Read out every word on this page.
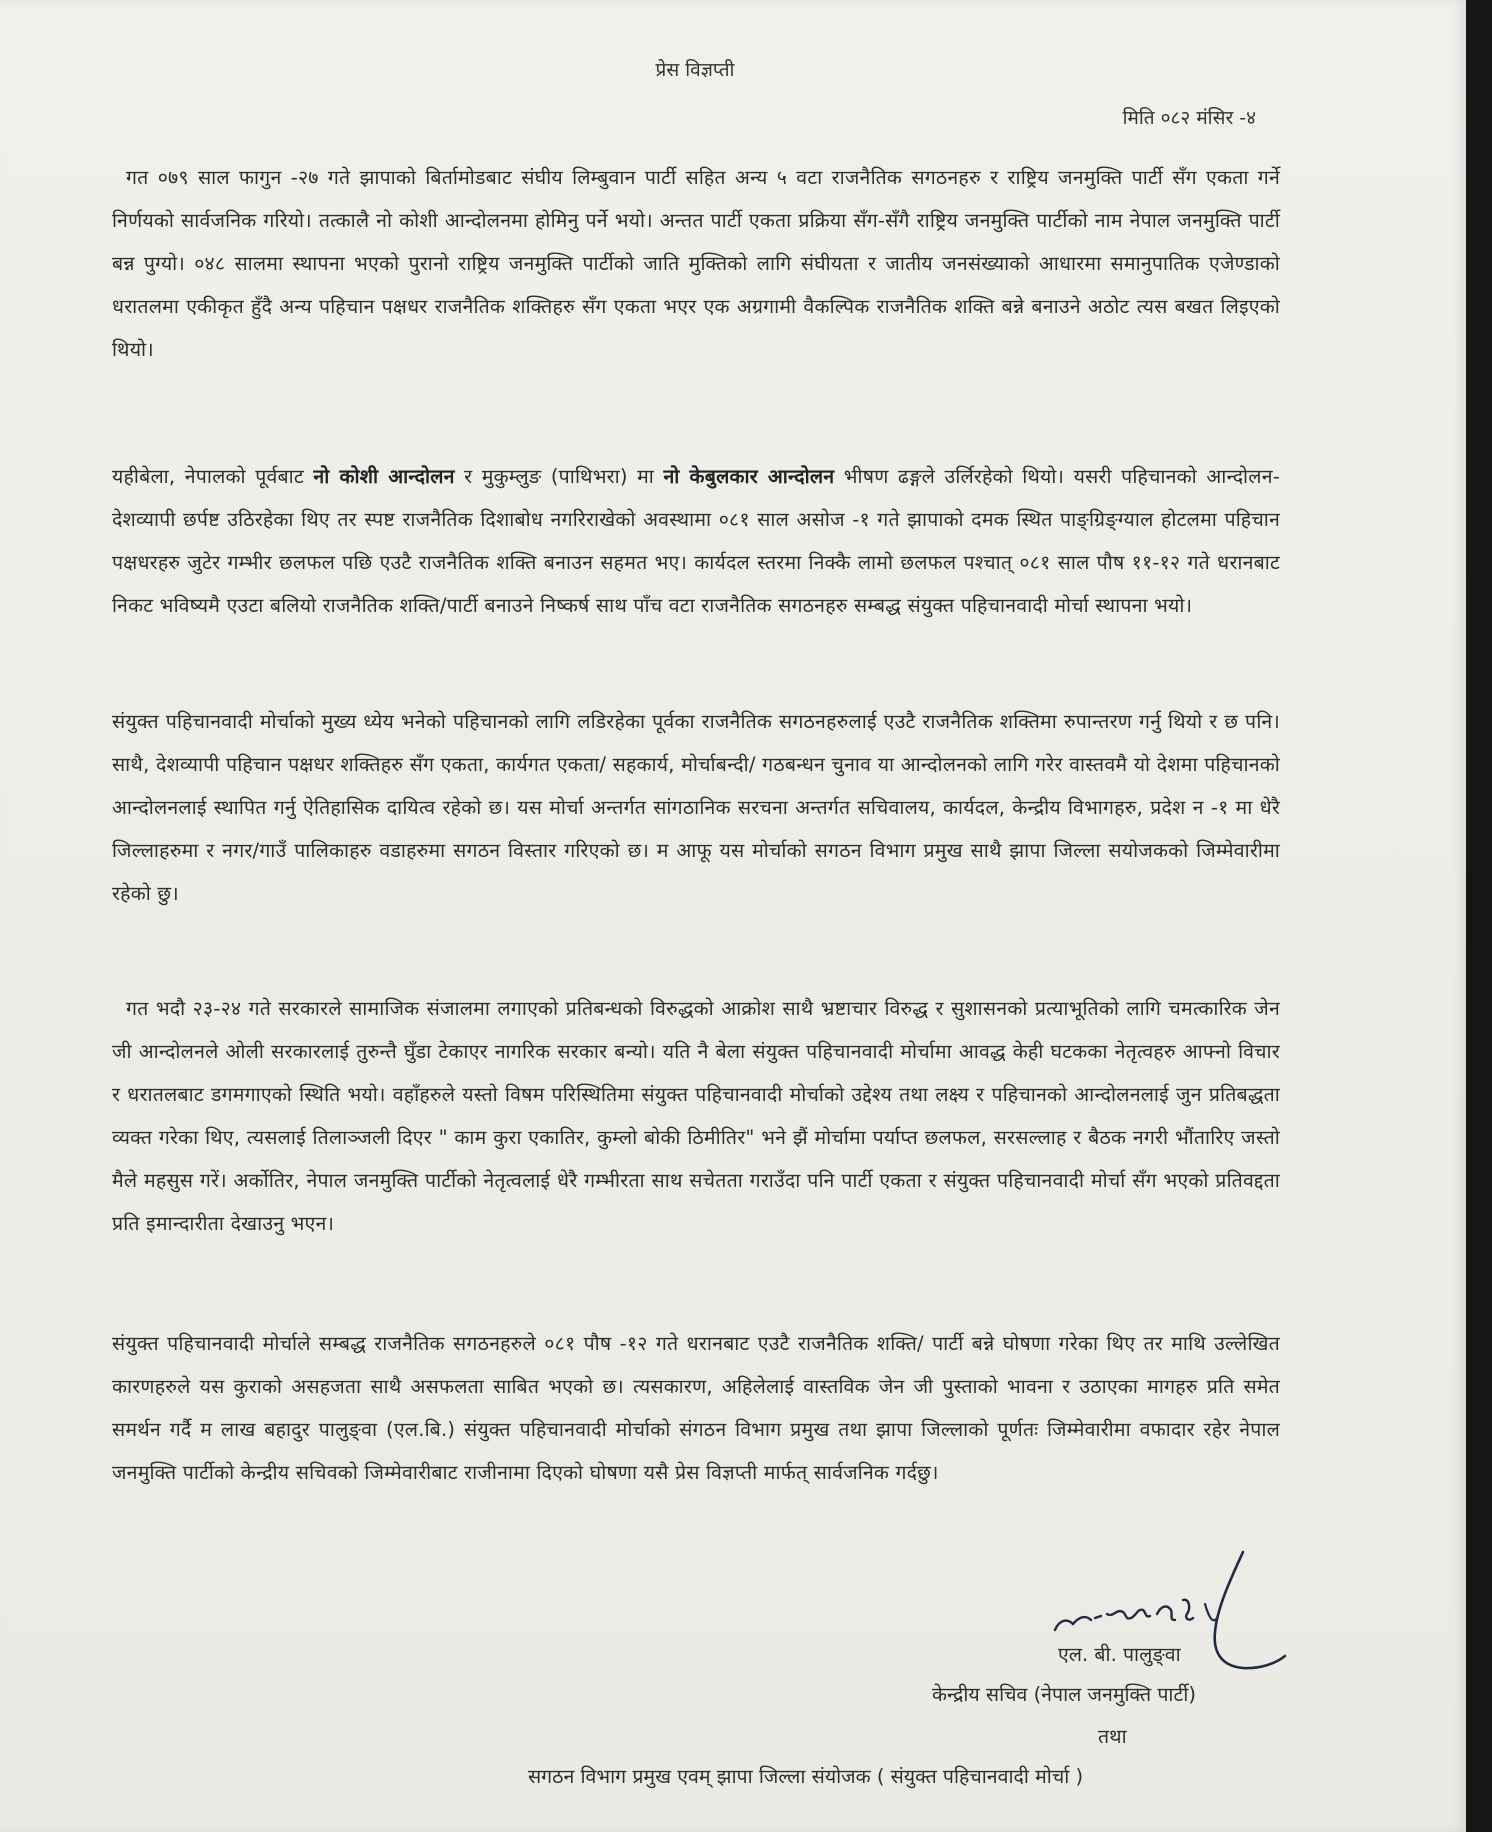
प्रेस विज्ञप्ती
मिति ०८२ मंसिर -४
गत ०७९ साल फागुन -२७ गते झापाको बिर्तामोडबाट संघीय लिम्बुवान पार्टी सहित अन्य ५ वटा राजनैतिक सगठनहरु र राष्ट्रिय जनमुक्ति पार्टी सँग एकता गर्ने निर्णयको सार्वजनिक गरियो। तत्कालै नो कोशी आन्दोलनमा होमिनु पर्ने भयो। अन्तत पार्टी एकता प्रक्रिया सँग-सँगै राष्ट्रिय जनमुक्ति पार्टीको नाम नेपाल जनमुक्ति पार्टी बन्न पुग्यो। ०४८ सालमा स्थापना भएको पुरानो राष्ट्रिय जनमुक्ति पार्टीको जाति मुक्तिको लागि संघीयता र जातीय जनसंख्याको आधारमा समानुपातिक एजेण्डाको धरातलमा एकीकृत हुँदै अन्य पहिचान पक्षधर राजनैतिक शक्तिहरु सँग एकता भएर एक अग्रगामी वैकल्पिक राजनैतिक शक्ति बन्ने बनाउने अठोट त्यस बखत लिइएको थियो।
यहीबेला, नेपालको पूर्वबाट नो कोशी आन्दोलन र मुकुम्लुङ (पाथिभरा) मा नो केबुलकार आन्दोलन भीषण ढङ्गले उर्लिरहेको थियो। यसरी पहिचानको आन्दोलन-देशव्यापी छर्पष्ट उठिरहेका थिए तर स्पष्ट राजनैतिक दिशाबोध नगरिराखेको अवस्थामा ०८१ साल असोज -१ गते झापाको दमक स्थित पाङ्ग्रिङ्ग्याल होटलमा पहिचान पक्षधरहरु जुटेर गम्भीर छलफल पछि एउटै राजनैतिक शक्ति बनाउन सहमत भए। कार्यदल स्तरमा निक्कै लामो छलफल पश्चात् ०८१ साल पौष ११-१२ गते धरानबाट निकट भविष्यमै एउटा बलियो राजनैतिक शक्ति/पार्टी बनाउने निष्कर्ष साथ पाँच वटा राजनैतिक सगठनहरु सम्बद्ध संयुक्त पहिचानवादी मोर्चा स्थापना भयो।
संयुक्त पहिचानवादी मोर्चाको मुख्य ध्येय भनेको पहिचानको लागि लडिरहेका पूर्वका राजनैतिक सगठनहरुलाई एउटै राजनैतिक शक्तिमा रुपान्तरण गर्नु थियो र छ पनि। साथै, देशव्यापी पहिचान पक्षधर शक्तिहरु सँग एकता, कार्यगत एकता/ सहकार्य, मोर्चाबन्दी/ गठबन्धन चुनाव या आन्दोलनको लागि गरेर वास्तवमै यो देशमा पहिचानको आन्दोलनलाई स्थापित गर्नु ऐतिहासिक दायित्व रहेको छ। यस मोर्चा अन्तर्गत सांगठानिक सरचना अन्तर्गत सचिवालय, कार्यदल, केन्द्रीय विभागहरु, प्रदेश न -१ मा धेरै जिल्लाहरुमा र नगर/गाउँ पालिकाहरु वडाहरुमा सगठन विस्तार गरिएको छ। म आफू यस मोर्चाको सगठन विभाग प्रमुख साथै झापा जिल्ला सयोजकको जिम्मेवारीमा रहेको छु।
गत भदौ २३-२४ गते सरकारले सामाजिक संजालमा लगाएको प्रतिबन्धको विरुद्धको आक्रोश साथै भ्रष्टाचार विरुद्ध र सुशासनको प्रत्याभूतिको लागि चमत्कारिक जेन जी आन्दोलनले ओली सरकारलाई तुरुन्तै घुँडा टेकाएर नागरिक सरकार बन्यो। यति नै बेला संयुक्त पहिचानवादी मोर्चामा आवद्ध केही घटकका नेतृत्वहरु आफ्नो विचार र धरातलबाट डगमगाएको स्थिति भयो। वहाँहरुले यस्तो विषम परिस्थितिमा संयुक्त पहिचानवादी मोर्चाको उद्देश्य तथा लक्ष्य र पहिचानको आन्दोलनलाई जुन प्रतिबद्धता व्यक्त गरेका थिए, त्यसलाई तिलाञ्जली दिएर " काम कुरा एकातिर, कुम्लो बोकी ठिमीतिर" भने झैं मोर्चामा पर्याप्त छलफल, सरसल्लाह र बैठक नगरी भौंतारिए जस्तो मैले महसुस गरें। अर्कोतिर, नेपाल जनमुक्ति पार्टीको नेतृत्वलाई धेरै गम्भीरता साथ सचेतता गराउँदा पनि पार्टी एकता र संयुक्त पहिचानवादी मोर्चा सँग भएको प्रतिवद्दता प्रति इमान्दारीता देखाउनु भएन।
संयुक्त पहिचानवादी मोर्चाले सम्बद्ध राजनैतिक सगठनहरुले ०८१ पौष -१२ गते धरानबाट एउटै राजनैतिक शक्ति/ पार्टी बन्ने घोषणा गरेका थिए तर माथि उल्लेखित कारणहरुले यस कुराको असहजता साथै असफलता साबित भएको छ। त्यसकारण, अहिलेलाई वास्तविक जेन जी पुस्ताको भावना र उठाएका मागहरु प्रति समेत समर्थन गर्दै म लाख बहादुर पालुङ्वा (एल.बि.) संयुक्त पहिचानवादी मोर्चाको संगठन विभाग प्रमुख तथा झापा जिल्लाको पूर्णतः जिम्मेवारीमा वफादार रहेर नेपाल जनमुक्ति पार्टीको केन्द्रीय सचिवको जिम्मेवारीबाट राजीनामा दिएको घोषणा यसै प्रेस विज्ञप्ती मार्फत् सार्वजनिक गर्दछु।
एल. बी. पालुङ्वा
केन्द्रीय सचिव (नेपाल जनमुक्ति पार्टी)
तथा
सगठन विभाग प्रमुख एवम् झापा जिल्ला संयोजक ( संयुक्त पहिचानवादी मोर्चा )
